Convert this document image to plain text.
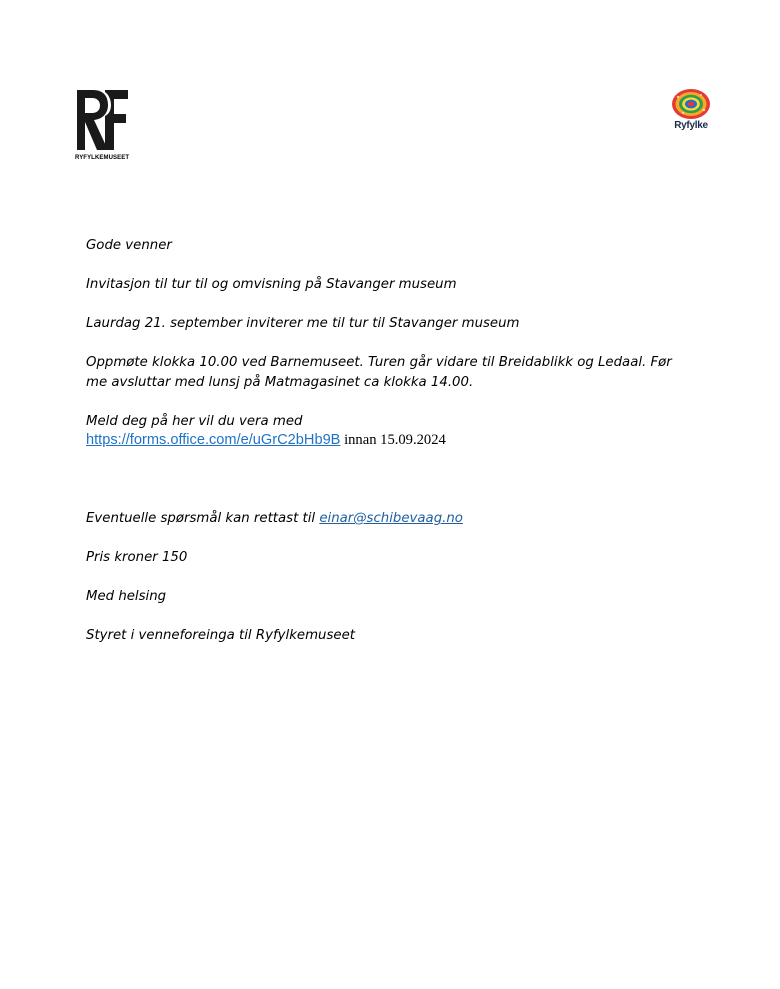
RYFYLKEMUSEET
Ryfylke

Gode venner

Invitasjon til tur til og omvisning på Stavanger museum

Laurdag 21. september inviterer me til tur til Stavanger museum

Oppmøte klokka 10.00 ved Barnemuseet. Turen går vidare til Breidablikk og Ledaal. Før me avsluttar med lunsj på Matmagasinet ca klokka 14.00.

Meld deg på her vil du vera med

https://forms.office.com/e/uGrC2bHb9B innan 15.09.2024

Eventuelle spørsmål kan rettast til einar@schibevaag.no

Pris kroner 150

Med helsing

Styret i venneforeinga til Ryfylkemuseet
